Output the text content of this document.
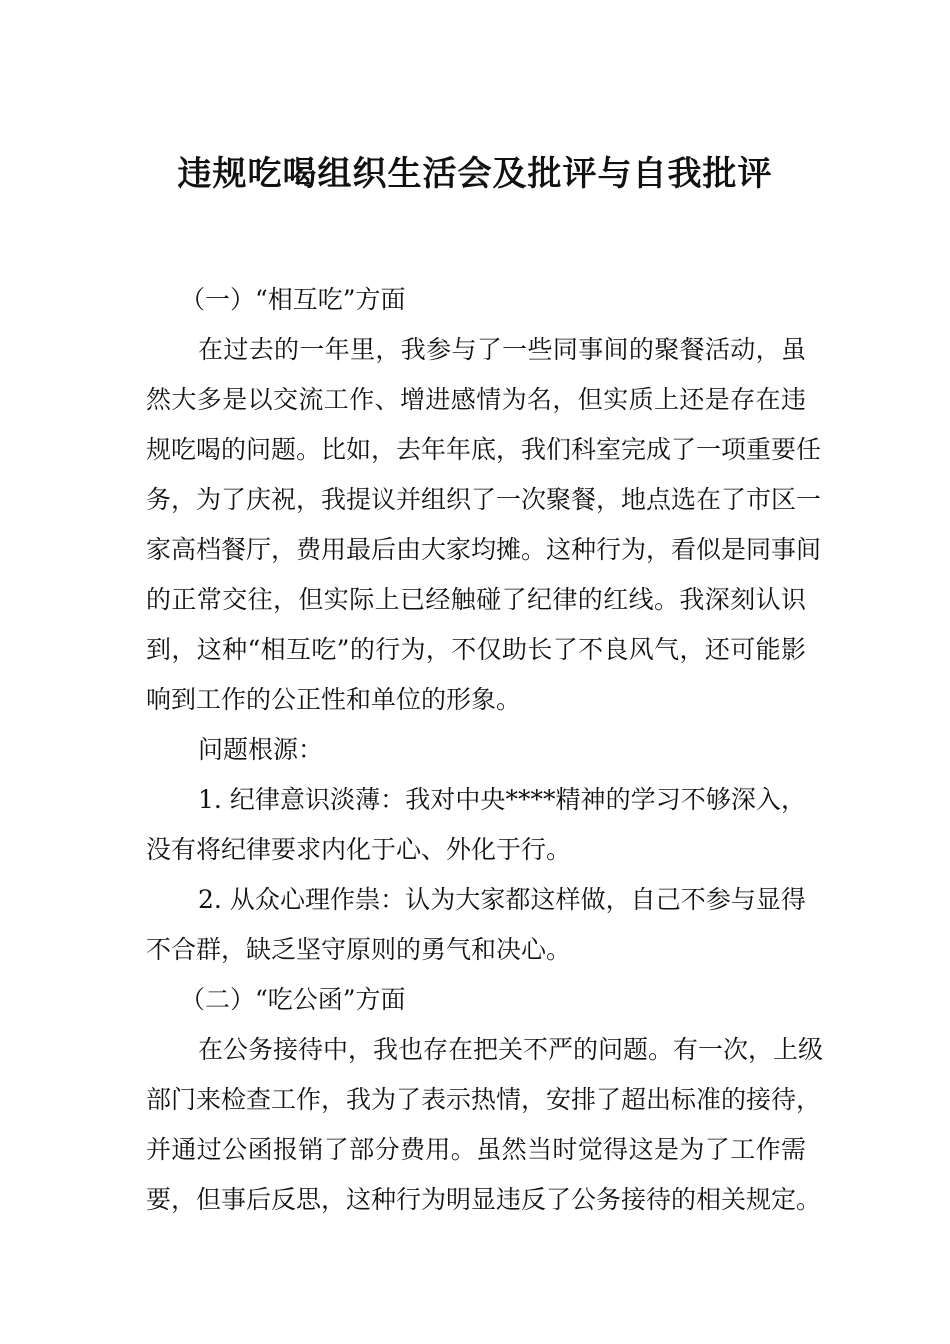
违规吃喝组织生活会及批评与自我批评
（一）“相互吃”方面
在过去的一年里，我参与了一些同事间的聚餐活动，虽
然大多是以交流工作、增进感情为名，但实质上还是存在违
规吃喝的问题。比如，去年年底，我们科室完成了一项重要任
务，为了庆祝，我提议并组织了一次聚餐，地点选在了市区一
家高档餐厅，费用最后由大家均摊。这种行为，看似是同事间
的正常交往，但实际上已经触碰了纪律的红线。我深刻认识
到，这种“相互吃”的行为，不仅助长了不良风气，还可能影
响到工作的公正性和单位的形象。
问题根源：
1. 纪律意识淡薄：我对中央****精神的学习不够深入，
没有将纪律要求内化于心、外化于行。
2. 从众心理作祟：认为大家都这样做，自己不参与显得
不合群，缺乏坚守原则的勇气和决心。
（二）“吃公函”方面
在公务接待中，我也存在把关不严的问题。有一次，上级
部门来检查工作，我为了表示热情，安排了超出标准的接待，
并通过公函报销了部分费用。虽然当时觉得这是为了工作需
要，但事后反思，这种行为明显违反了公务接待的相关规定。
